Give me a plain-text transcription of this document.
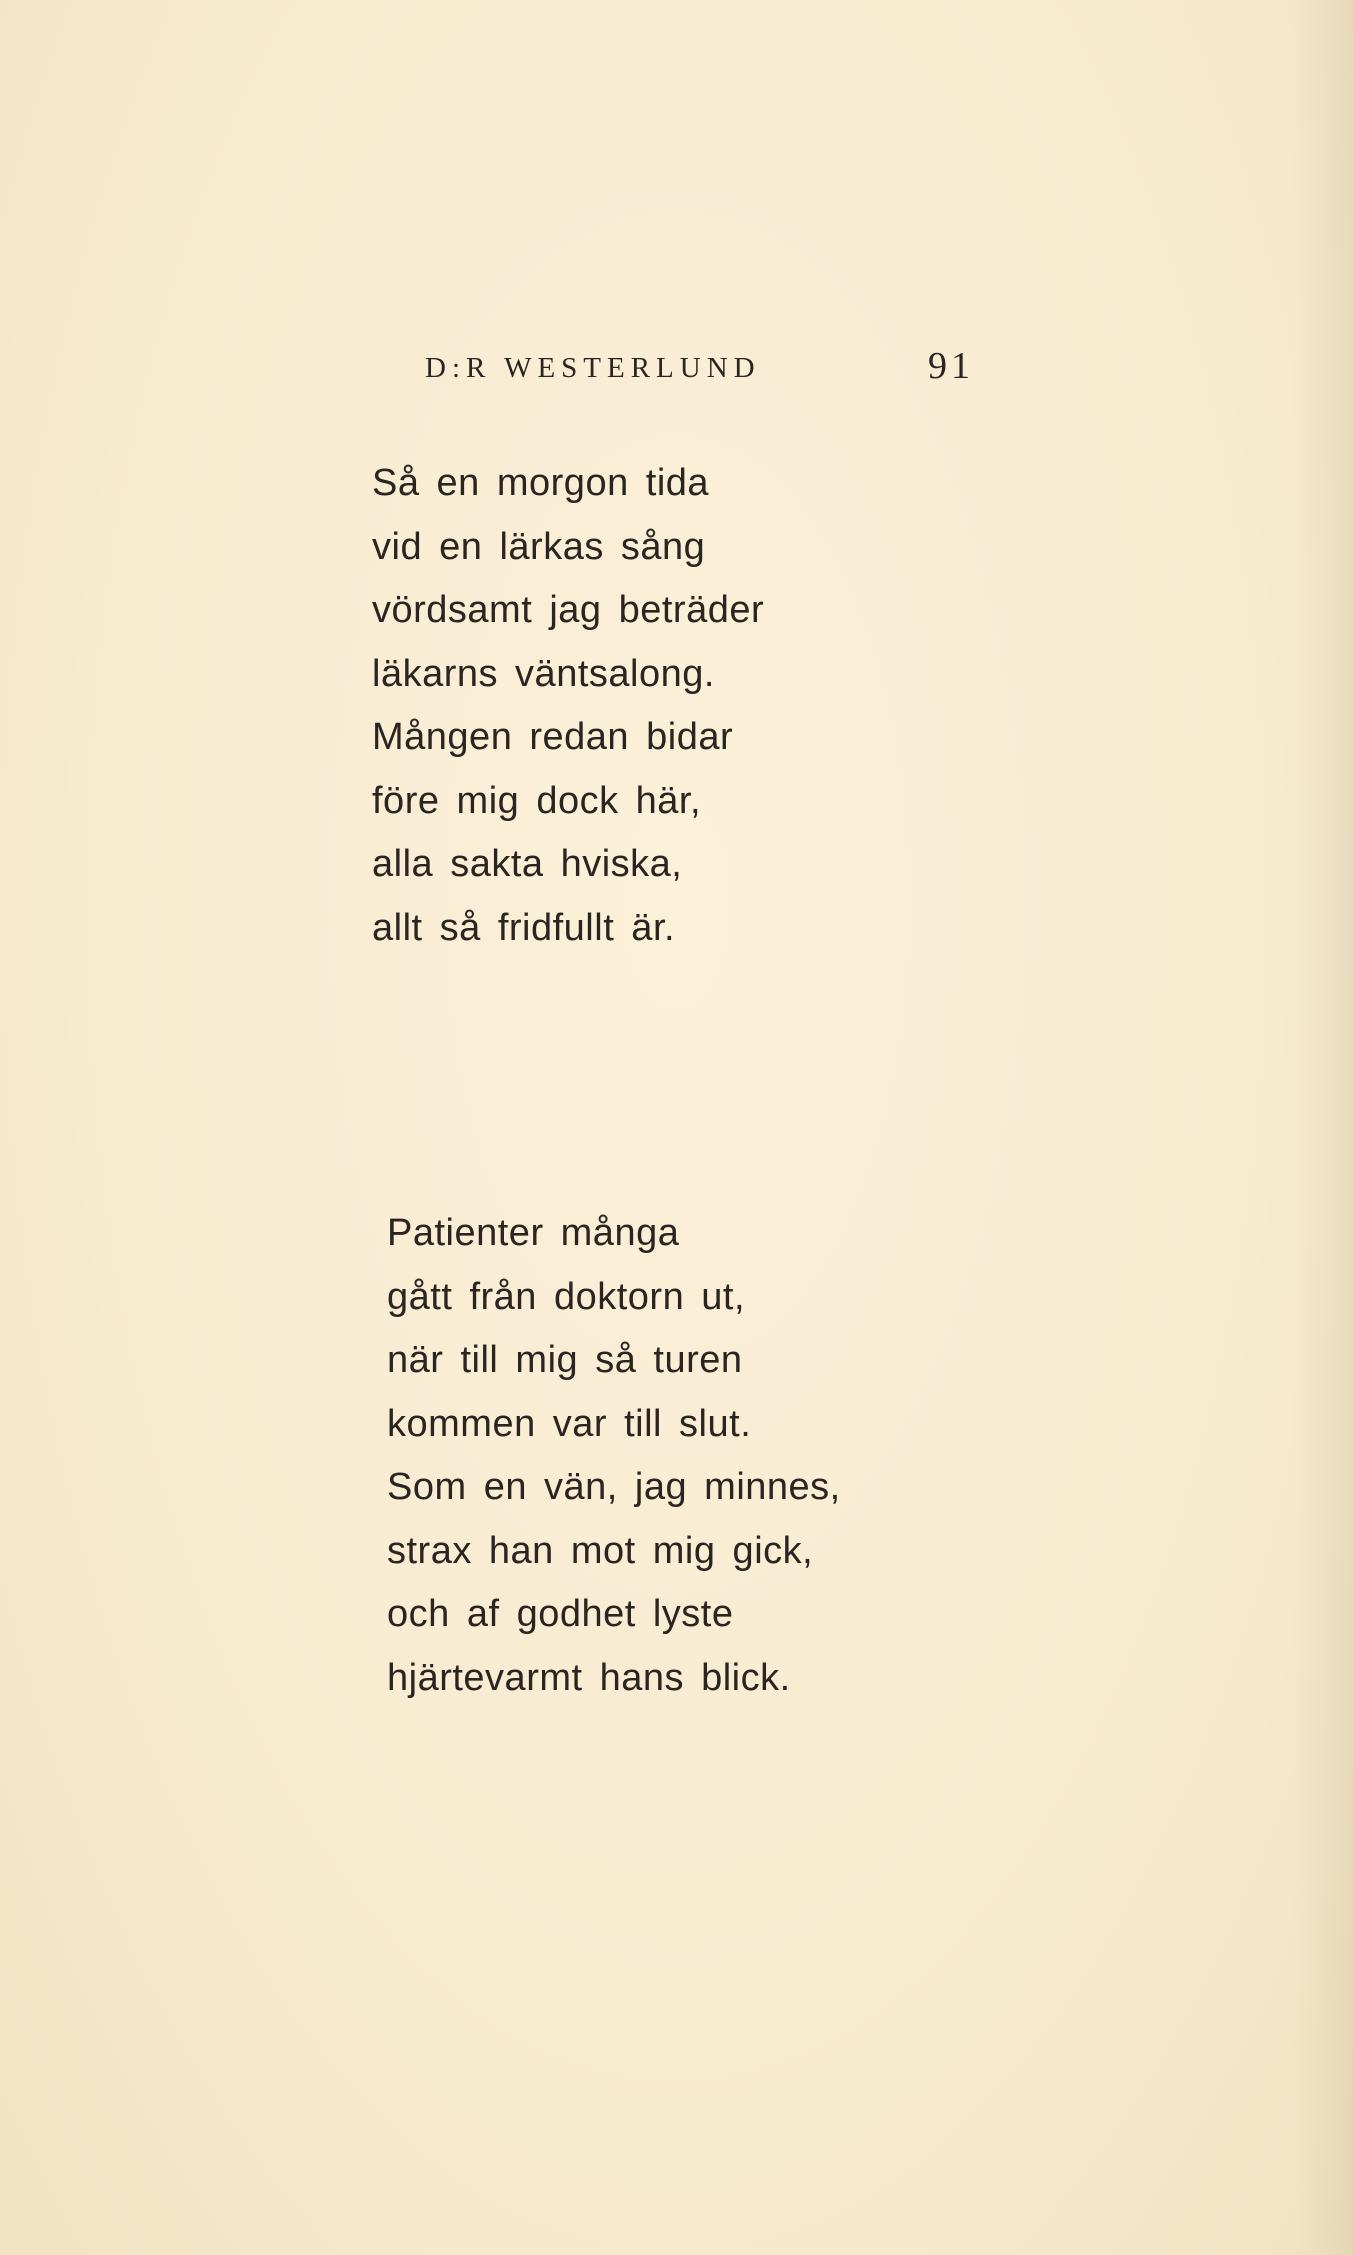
D:R WESTERLUND	91
Så en morgon tida
vid en lärkas sång
vördsamt jag beträder
läkarns väntsalong.
Mången redan bidar
före mig dock här,
alla sakta hviska,
allt så fridfullt är.
Patienter många
gått från doktorn ut,
när till mig så turen
kommen var till slut.
Som en vän, jag minnes,
strax han mot mig gick,
och af godhet lyste
hjärtevarmt hans blick.
